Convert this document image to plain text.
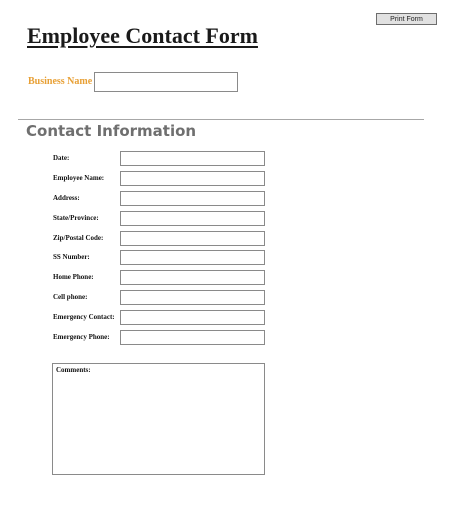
Print Form
Employee Contact Form
Business Name
Contact Information
Date:
Employee Name:
Address:
State/Province:
Zip/Postal Code:
SS Number:
Home Phone:
Cell phone:
Emergency Contact:
Emergency Phone:
Comments:
